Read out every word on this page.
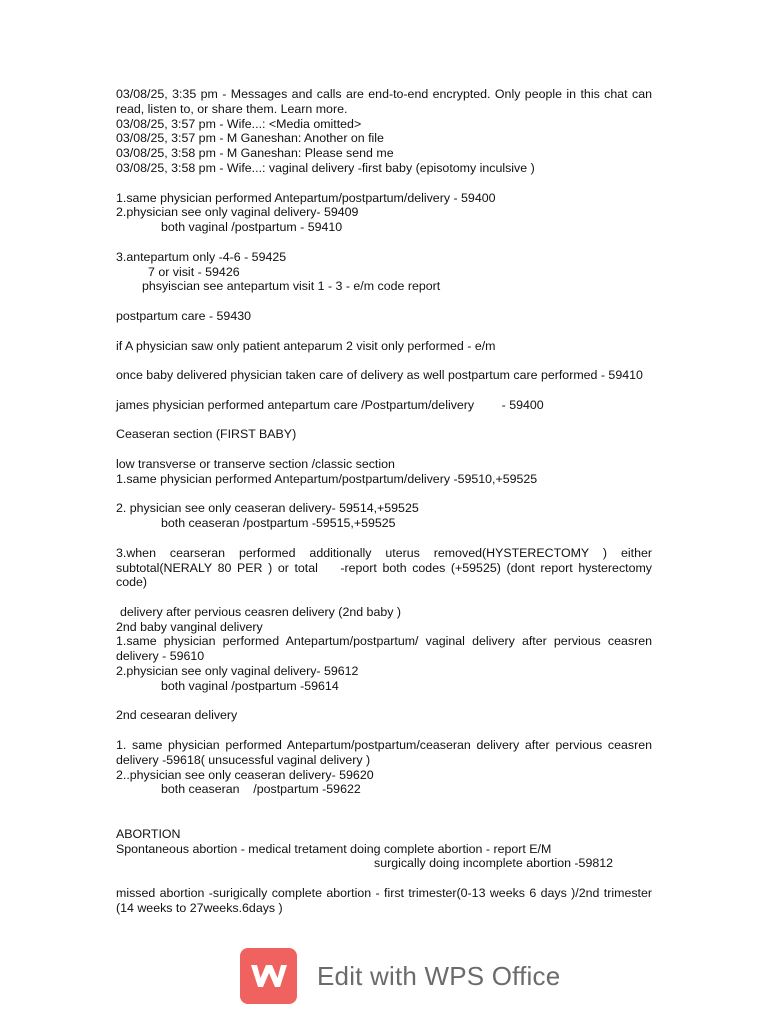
03/08/25, 3:35 pm - Messages and calls are end-to-end encrypted. Only people in this chat can read, listen to, or share them. Learn more.
03/08/25, 3:57 pm - Wife...: <Media omitted>
03/08/25, 3:57 pm - M Ganeshan: Another on file
03/08/25, 3:58 pm - M Ganeshan: Please send me
03/08/25, 3:58 pm - Wife...: vaginal delivery -first baby (episotomy inculsive )
1.same physician performed Antepartum/postpartum/delivery - 59400
2.physician see only vaginal delivery- 59409
both vaginal /postpartum - 59410
3.antepartum only -4-6 - 59425
7 or visit - 59426
phsyiscian see antepartum visit 1 - 3 - e/m code report
postpartum care - 59430
if A physician saw only patient anteparum 2 visit only performed - e/m
once baby delivered physician taken care of delivery as well postpartum care performed - 59410
james physician performed antepartum care /Postpartum/delivery        - 59400
Ceaseran section (FIRST BABY)
low transverse or transerve section /classic section
1.same physician performed Antepartum/postpartum/delivery -59510,+59525
2. physician see only ceaseran delivery- 59514,+59525
both ceaseran /postpartum -59515,+59525
3.when cearseran performed additionally uterus removed(HYSTERECTOMY ) either subtotal(NERALY 80 PER ) or total    -report both codes (+59525) (dont report hysterectomy code)
delivery after pervious ceasren delivery (2nd baby )
2nd baby vanginal delivery
1.same physician performed Antepartum/postpartum/ vaginal delivery after pervious ceasren delivery - 59610
2.physician see only vaginal delivery- 59612
both vaginal /postpartum -59614
2nd cesearan delivery
1. same physician performed Antepartum/postpartum/ceaseran delivery after pervious ceasren delivery -59618( unsucessful vaginal delivery )
2..physician see only ceaseran delivery- 59620
both ceaseran    /postpartum -59622
ABORTION
Spontaneous abortion - medical tretament doing complete abortion - report E/M
surgically doing incomplete abortion -59812
missed abortion -surigically complete abortion - first trimester(0-13 weeks 6 days )/2nd trimester (14 weeks to 27weeks.6days )
Edit with WPS Office
